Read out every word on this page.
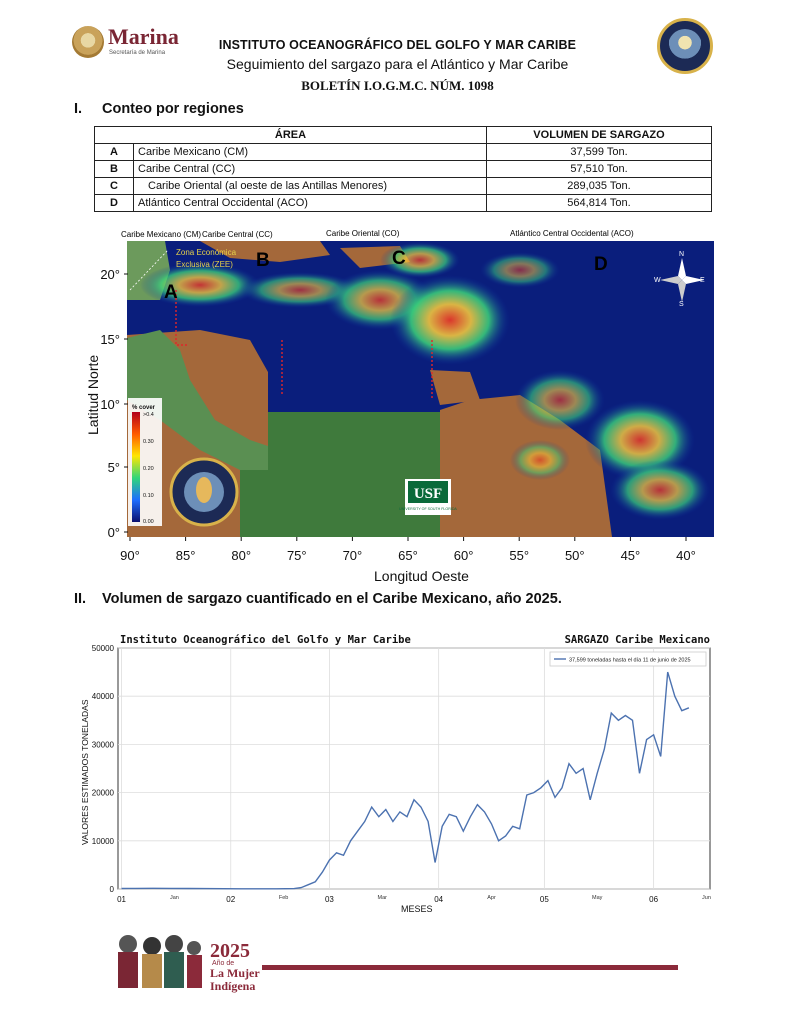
Marina
Secretaría de Marina
INSTITUTO OCEANOGRÁFICO DEL GOLFO Y MAR CARIBE
Seguimiento del sargazo para el Atlántico y Mar Caribe
BOLETÍN I.O.G.M.C. NÚM. 1098
I. Conteo por regiones
ÁREA		VOLUMEN DE SARGAZO
A	Caribe Mexicano (CM)	37,599 Ton.
B	Caribe Central (CC)	57,510 Ton.
C	Caribe Oriental (al oeste de las Antillas Menores)	289,035 Ton.
D	Atlántico Central Occidental (ACO)	564,814 Ton.
Caribe Mexicano (CM) Caribe Central (CC)	Caribe Oriental (CO)	Atlántico Central Occidental (ACO)
Zona Económica
Exclusiva (ZEE)
A
B	C	D	N
E
S
W
% cover
>0.4
0.30
0.20
0.10
0.00
USF
UNIVERSITY OF SOUTH FLORIDA
20°
15°
10°
5°
0°
90°	85°	80°	75°	70°	65°	60°	55°	50°	45°	40°
Latitud Norte
Longitud Oeste
II. Volumen de sargazo cuantificado en el Caribe Mexicano, año 2025.
Instituto Oceanográfico del Golfo y Mar Caribe	SARGAZO Caribe Mexicano
0
10000
20000
30000
40000
50000
01	02	03	04	05	06
Jan	Feb	Mar	Apr	May	Jun
37,599 toneladas hasta el día 11 de junio de 2025
VALORES ESTIMADOS TONELADAS
MESES
2025
Año de
La Mujer
Indígena
